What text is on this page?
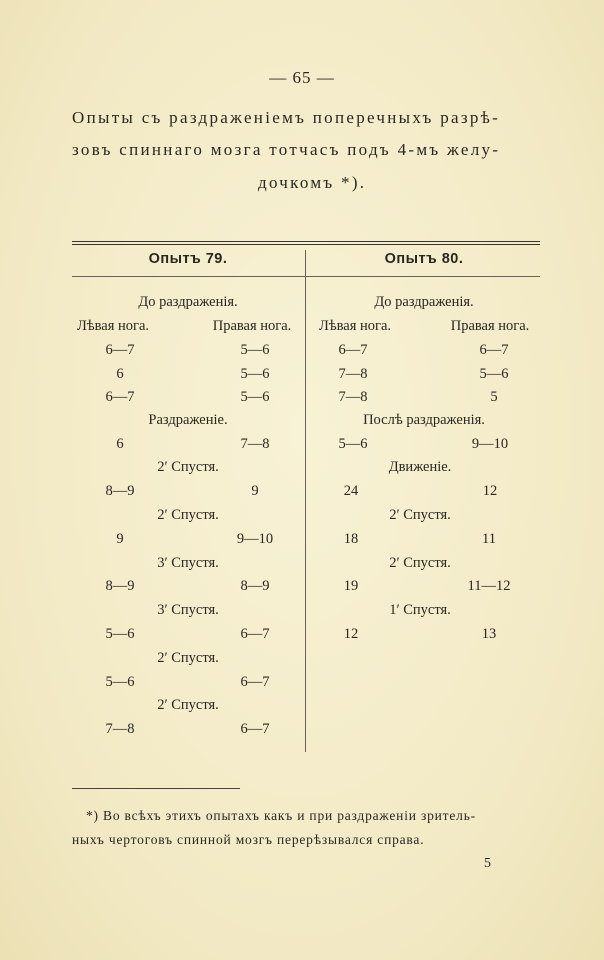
— 65 —
Опыты съ раздраженіемъ поперечныхъ разрѣ-
зовъ спиннаго мозга тотчасъ подъ 4-мъ желу-
дочкомъ *).
Опытъ 79.	Опытъ 80.
До раздраженія.
Лѣвая нога.	Правая нога.
6—7	5—6
6	5—6
6—7	5—6
Раздраженіе.
6	7—8
2′ Спустя.
8—9	9
2′ Спустя.
9	9—10
3′ Спустя.
8—9	8—9
3′ Спустя.
5—6	6—7
2′ Спустя.
5—6	6—7
2′ Спустя.
7—8	6—7
До раздраженія.
Лѣвая нога.	Правая нога.
6—7	6—7
7—8	5—6
7—8	5
Послѣ раздраженія.
5—6	9—10
Движеніе.
24	12
2′ Спустя.
18	11
2′ Спустя.
19	11—12
1′ Спустя.
12	13
*) Во всѣхъ этихъ опытахъ какъ и при раздраженіи зритель-
ныхъ чертоговъ спинной мозгъ перерѣзывался справа.
5
